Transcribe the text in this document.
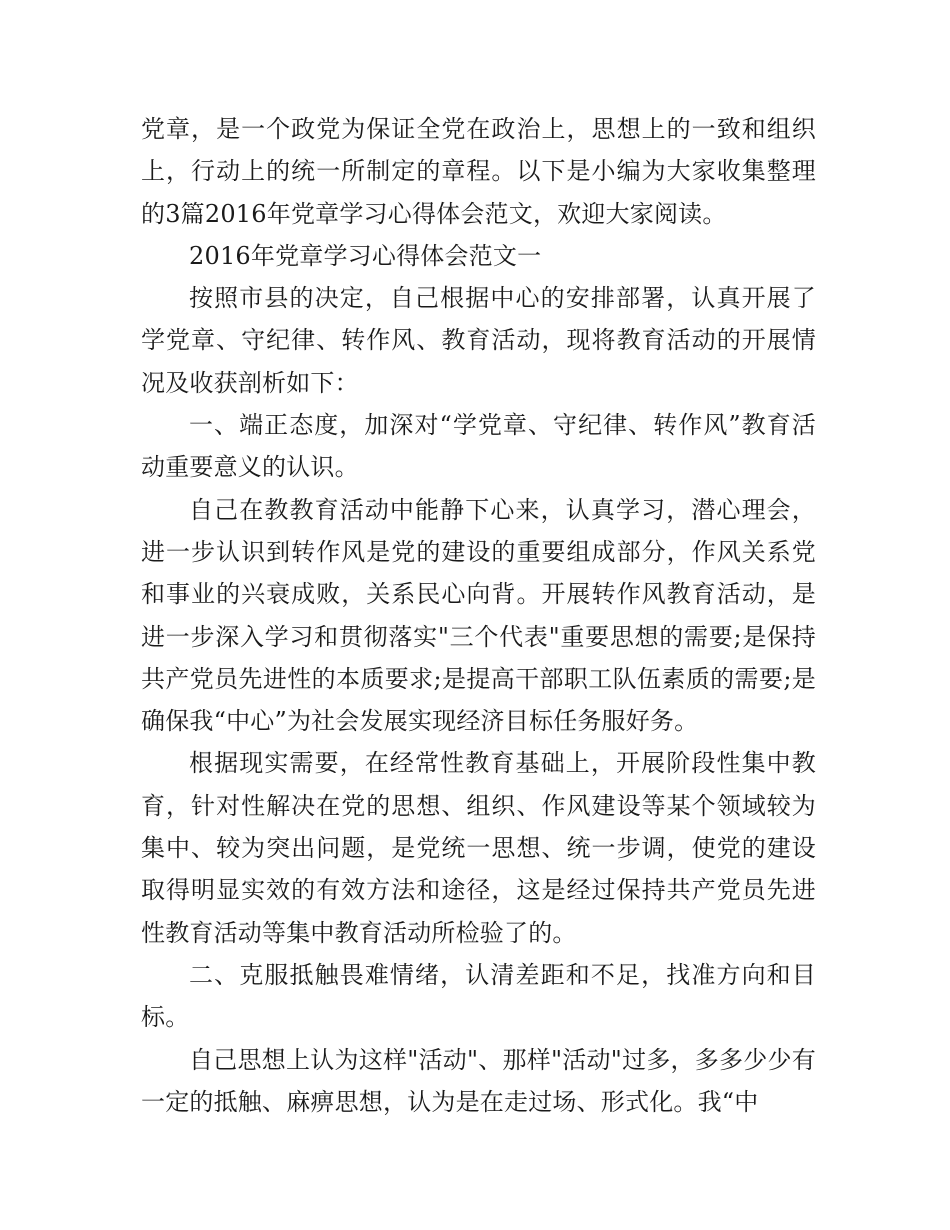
党章，是一个政党为保证全党在政治上，思想上的一致和组织上，行动上的统一所制定的章程。以下是小编为大家收集整理的3篇2016年党章学习心得体会范文，欢迎大家阅读。

2016年党章学习心得体会范文一

按照市县的决定，自己根据中心的安排部署，认真开展了学党章、守纪律、转作风、教育活动，现将教育活动的开展情况及收获剖析如下：

一、端正态度，加深对“学党章、守纪律、转作风”教育活动重要意义的认识。

自己在教教育活动中能静下心来，认真学习，潜心理会，进一步认识到转作风是党的建设的重要组成部分，作风关系党和事业的兴衰成败，关系民心向背。开展转作风教育活动，是进一步深入学习和贯彻落实"三个代表"重要思想的需要;是保持共产党员先进性的本质要求;是提高干部职工队伍素质的需要;是确保我“中心”为社会发展实现经济目标任务服好务。

根据现实需要，在经常性教育基础上，开展阶段性集中教育，针对性解决在党的思想、组织、作风建设等某个领域较为集中、较为突出问题，是党统一思想、统一步调，使党的建设取得明显实效的有效方法和途径，这是经过保持共产党员先进性教育活动等集中教育活动所检验了的。

二、克服抵触畏难情绪，认清差距和不足，找准方向和目标。

自己思想上认为这样"活动"、那样"活动"过多，多多少少有一定的抵触、麻痹思想，认为是在走过场、形式化。我“中
